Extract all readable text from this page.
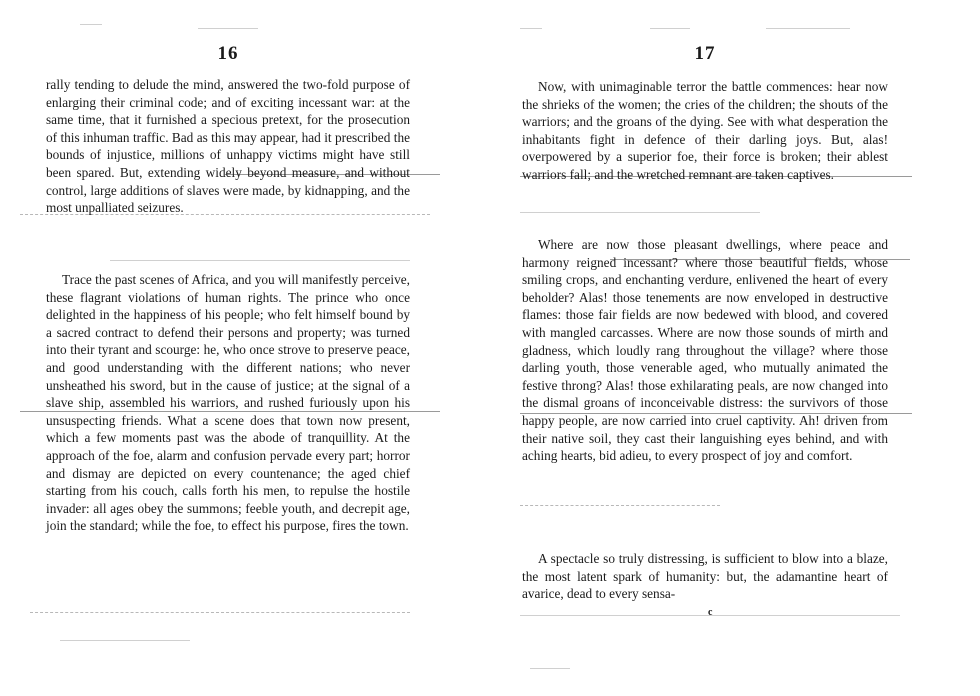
16

rally tending to delude the mind, answered the two-fold purpose of enlarging their criminal code; and of exciting incessant war: at the same time, that it furnished a specious pretext, for the prosecution of this inhuman traffic. Bad as this may appear, had it prescribed the bounds of injustice, millions of unhappy victims might have still been spared. But, extending widely beyond measure, and without control, large additions of slaves were made, by kidnapping, and the most unpalliated seizures.

Trace the past scenes of Africa, and you will manifestly perceive, these flagrant violations of human rights. The prince who once delighted in the happiness of his people; who felt himself bound by a sacred contract to defend their persons and property; was turned into their tyrant and scourge: he, who once strove to preserve peace, and good understanding with the different nations; who never unsheathed his sword, but in the cause of justice; at the signal of a slave ship, assembled his warriors, and rushed furiously upon his unsuspecting friends. What a scene does that town now present, which a few moments past was the abode of tranquillity. At the approach of the foe, alarm and confusion pervade every part; horror and dismay are depicted on every countenance; the aged chief starting from his couch, calls forth his men, to repulse the hostile invader: all ages obey the summons; feeble youth, and decrepit age, join the standard; while the foe, to effect his purpose, fires the town.

17

Now, with unimaginable terror the battle commences: hear now the shrieks of the women; the cries of the children; the shouts of the warriors; and the groans of the dying. See with what desperation the inhabitants fight in defence of their darling joys. But, alas! overpowered by a superior foe, their force is broken; their ablest warriors fall; and the wretched remnant are taken captives.

Where are now those pleasant dwellings, where peace and harmony reigned incessant? where those beautiful fields, whose smiling crops, and enchanting verdure, enlivened the heart of every beholder? Alas! those tenements are now enveloped in destructive flames: those fair fields are now bedewed with blood, and covered with mangled carcasses. Where are now those sounds of mirth and gladness, which loudly rang throughout the village? where those darling youth, those venerable aged, who mutually animated the festive throng? Alas! those exhilarating peals, are now changed into the dismal groans of inconceivable distress: the survivors of those happy people, are now carried into cruel captivity. Ah! driven from their native soil, they cast their languishing eyes behind, and with aching hearts, bid adieu, to every prospect of joy and comfort.

A spectacle so truly distressing, is sufficient to blow into a blaze, the most latent spark of humanity: but, the adamantine heart of avarice, dead to every sensa-

c
